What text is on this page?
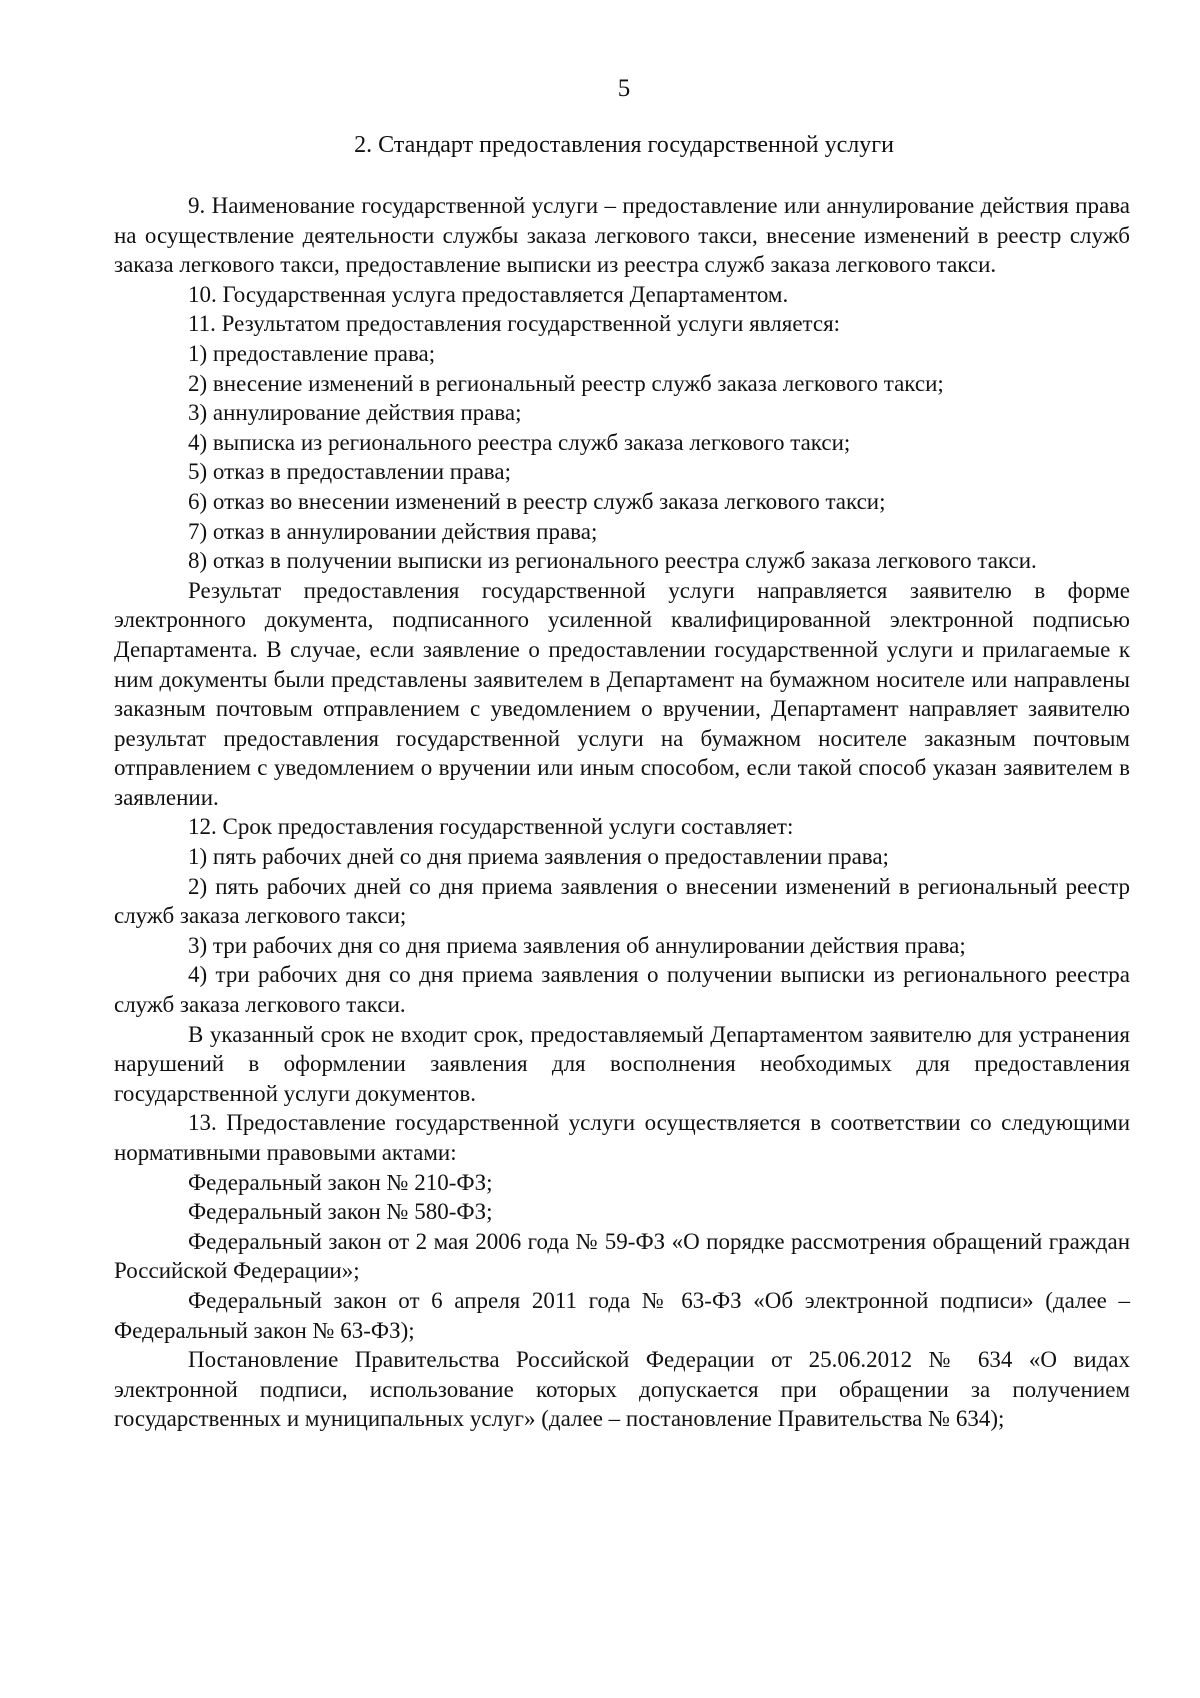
5
2. Стандарт предоставления государственной услуги

9. Наименование государственной услуги – предоставление или аннулирование действия права на осуществление деятельности службы заказа легкового такси, внесение изменений в реестр служб заказа легкового такси, предоставление выписки из реестра служб заказа легкового такси.

10. Государственная услуга предоставляется Департаментом.

11. Результатом предоставления государственной услуги является:

1) предоставление права;

2) внесение изменений в региональный реестр служб заказа легкового такси;

3) аннулирование действия права;

4) выписка из регионального реестра служб заказа легкового такси;

5) отказ в предоставлении права;

6) отказ во внесении изменений в реестр служб заказа легкового такси;

7) отказ в аннулировании действия права;

8) отказ в получении выписки из регионального реестра служб заказа легкового такси.

Результат предоставления государственной услуги направляется заявителю в форме электронного документа, подписанного усиленной квалифицированной электронной подписью Департамента. В случае, если заявление о предоставлении государственной услуги и прилагаемые к ним документы были представлены заявителем в Департамент на бумажном носителе или направлены заказным почтовым отправлением с уведомлением о вручении, Департамент направляет заявителю результат предоставления государственной услуги на бумажном носителе заказным почтовым отправлением с уведомлением о вручении или иным способом, если такой способ указан заявителем в заявлении.

12. Срок предоставления государственной услуги составляет:

1) пять рабочих дней со дня приема заявления о предоставлении права;

2) пять рабочих дней со дня приема заявления о внесении изменений в региональный реестр служб заказа легкового такси;

3) три рабочих дня со дня приема заявления об аннулировании действия права;

4) три рабочих дня со дня приема заявления о получении выписки из регионального реестра служб заказа легкового такси.

В указанный срок не входит срок, предоставляемый Департаментом заявителю для устранения нарушений в оформлении заявления для восполнения необходимых для предоставления государственной услуги документов.

13. Предоставление государственной услуги осуществляется в соответствии со следующими нормативными правовыми актами:

Федеральный закон № 210-ФЗ;

Федеральный закон № 580-ФЗ;

Федеральный закон от 2 мая 2006 года № 59-ФЗ «О порядке рассмотрения обращений граждан Российской Федерации»;

Федеральный закон от 6 апреля 2011 года № 63-ФЗ «Об электронной подписи» (далее – Федеральный закон № 63-ФЗ);

Постановление Правительства Российской Федерации от 25.06.2012 № 634 «О видах электронной подписи, использование которых допускается при обращении за получением государственных и муниципальных услуг» (далее – постановление Правительства № 634);
